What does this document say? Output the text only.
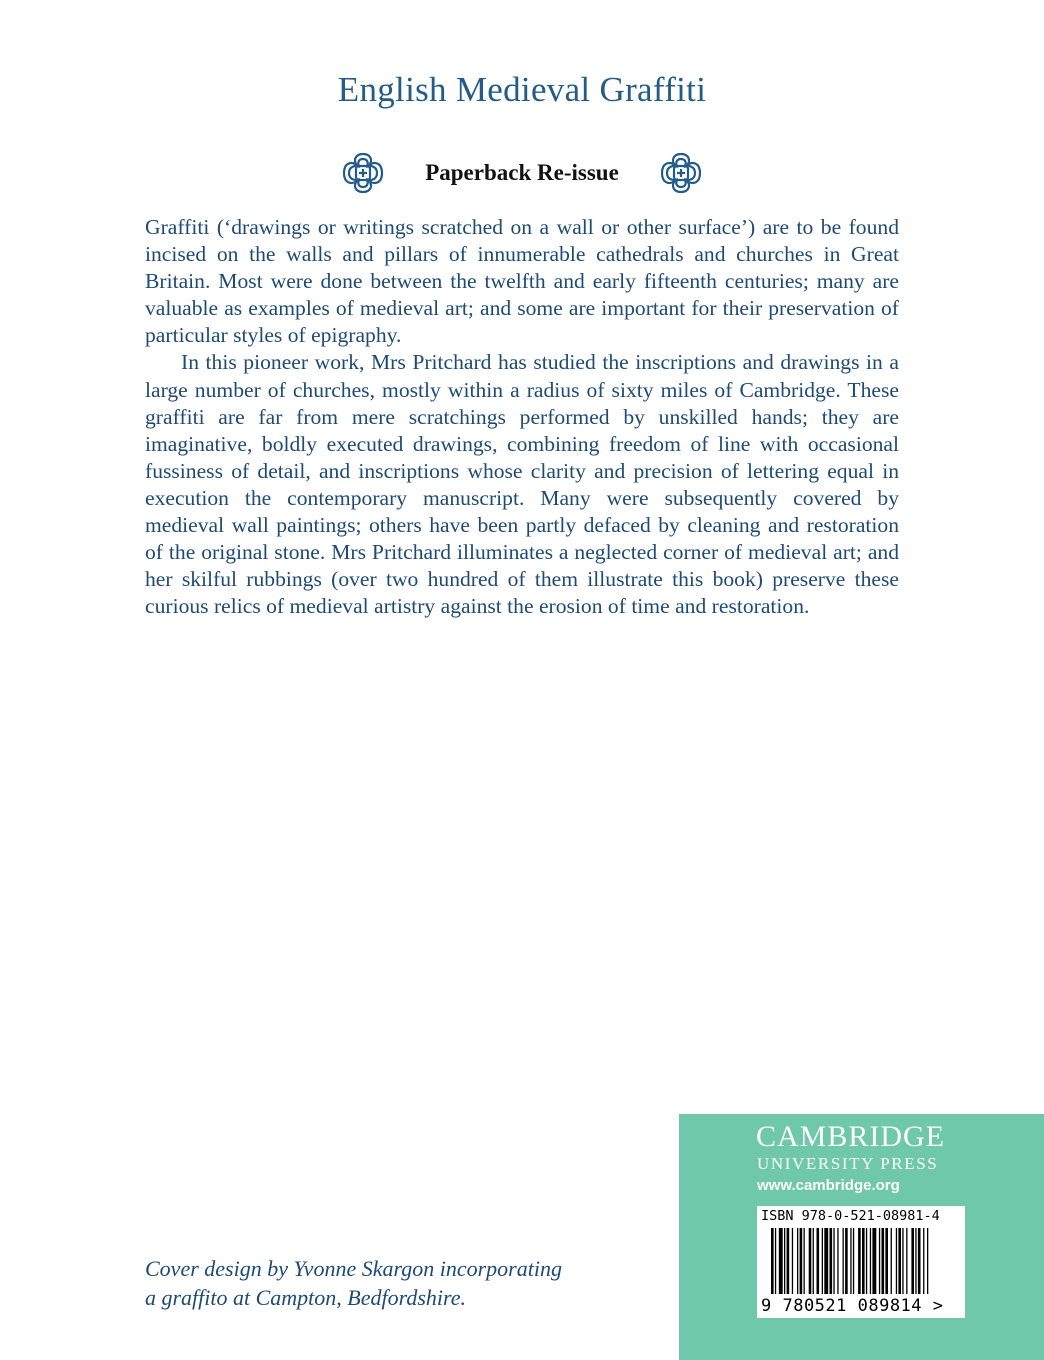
English Medieval Graffiti

Paperback Re-issue

Graffiti (‘drawings or writings scratched on a wall or other surface’) are to be found incised on the walls and pillars of innumerable cathedrals and churches in Great Britain. Most were done between the twelfth and early fifteenth centuries; many are valuable as examples of medieval art; and some are important for their preservation of particular styles of epigraphy.

In this pioneer work, Mrs Pritchard has studied the inscriptions and drawings in a large number of churches, mostly within a radius of sixty miles of Cambridge. These graffiti are far from mere scratchings performed by unskilled hands; they are imaginative, boldly executed drawings, combining freedom of line with occasional fussiness of detail, and inscriptions whose clarity and precision of lettering equal in execution the contemporary manuscript. Many were subsequently covered by medieval wall paintings; others have been partly defaced by cleaning and restoration of the original stone. Mrs Pritchard illuminates a neglected corner of medieval art; and her skilful rubbings (over two hundred of them illustrate this book) preserve these curious relics of medieval artistry against the erosion of time and restoration.

Cover design by Yvonne Skargon incorporating
a graffito at Campton, Bedfordshire.
CAMBRIDGE
UNIVERSITY PRESS
www.cambridge.org
ISBN 978-0-521-08981-4
9 780521 089814 >
